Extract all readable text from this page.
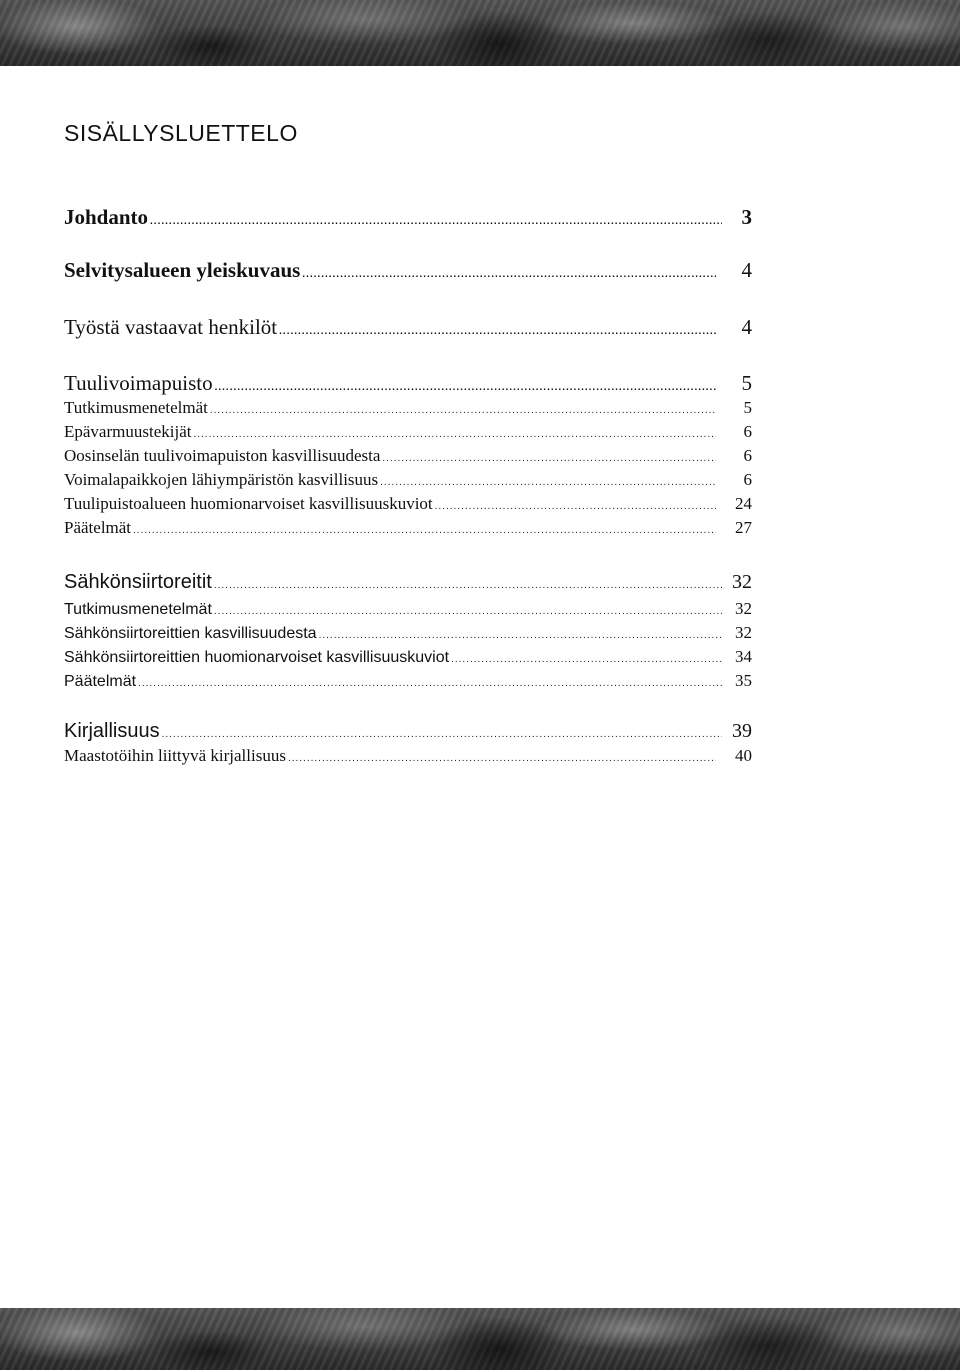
SISÄLLYSLUETTELO
Johdanto .....	3
Selvitysalueen yleiskuvaus .....	4
Työstä vastaavat henkilöt .....	4
Tuulivoimapuisto .....	5
Tutkimusmenetelmät .....	5
Epävarmuustekijät .....	6
Oosinselän tuulivoimapuiston kasvillisuudesta .....	6
Voimalapaikkojen lähiympäristön kasvillisuus .....	6
Tuulipuistoalueen huomionarvoiset kasvillisuuskuviot .....	24
Päätelmät .....	27
Sähkönsiirtoreitit .....	32
Tutkimusmenetelmät .....	32
Sähkönsiirtoreittien kasvillisuudesta .....	32
Sähkönsiirtoreittien huomionarvoiset kasvillisuuskuviot .....	34
Päätelmät .....	35
Kirjallisuus .....	39
Maastotöihin liittyvä kirjallisuus .....	40
